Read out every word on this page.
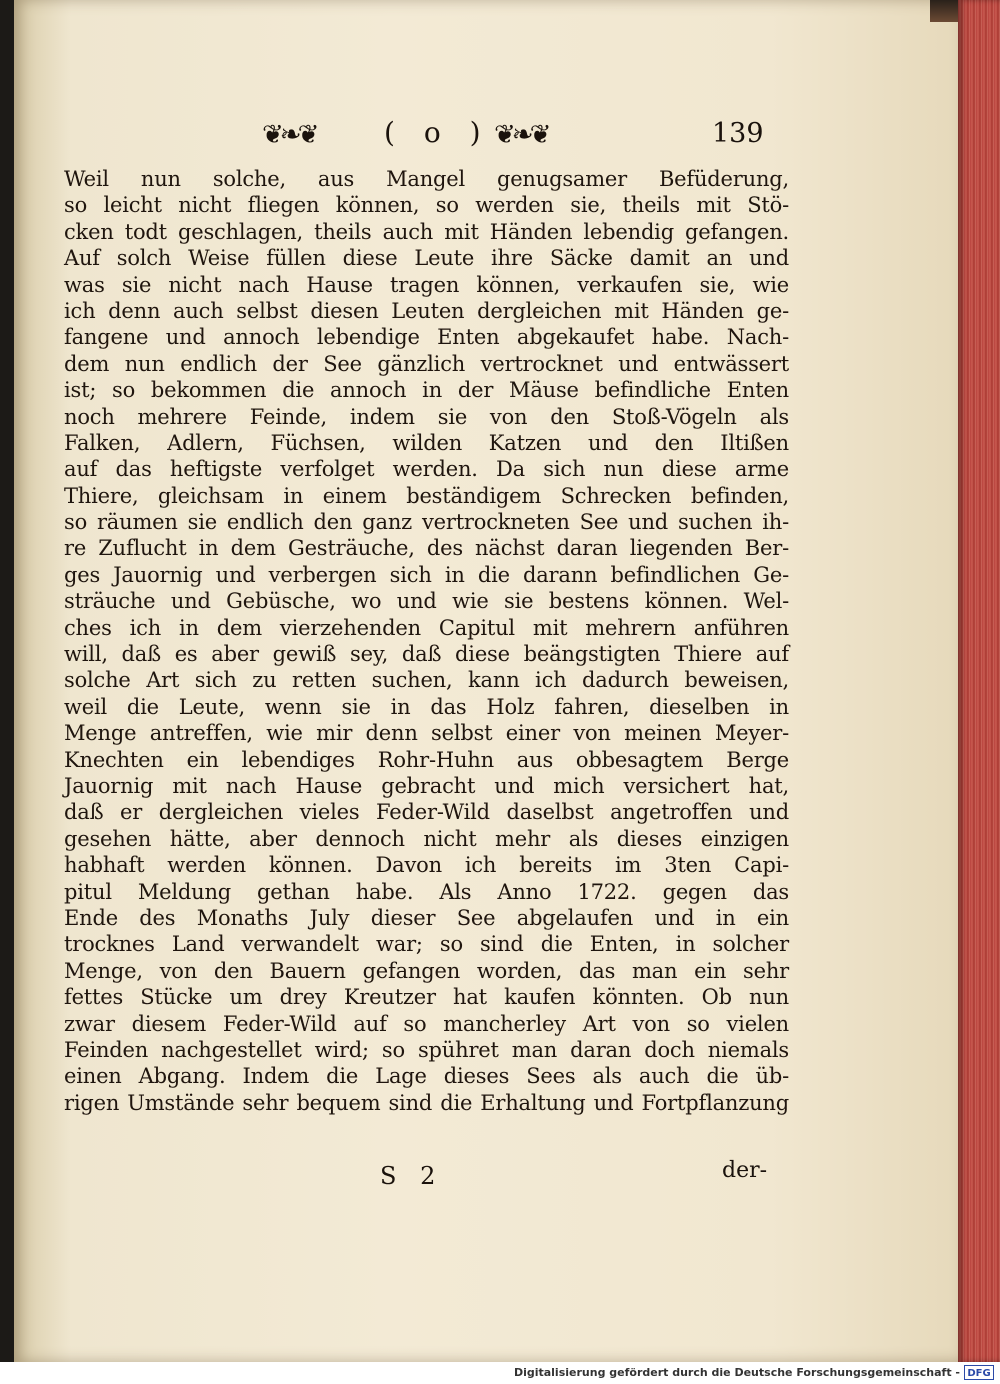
❦❧❦ ( o ) ❦❧❦	139
Weil nun solche, aus Mangel genugsamer Befüderung,
so leicht nicht fliegen können, so werden sie, theils mit Stö-
cken todt geschlagen, theils auch mit Händen lebendig gefangen.
Auf solch Weise füllen diese Leute ihre Säcke damit an und
was sie nicht nach Hause tragen können, verkaufen sie, wie
ich denn auch selbst diesen Leuten dergleichen mit Händen ge-
fangene und annoch lebendige Enten abgekaufet habe. Nach-
dem nun endlich der See gänzlich vertrocknet und entwässert
ist; so bekommen die annoch in der Mäuse befindliche Enten
noch mehrere Feinde, indem sie von den Stoß-Vögeln als
Falken, Adlern, Füchsen, wilden Katzen und den Iltißen
auf das heftigste verfolget werden. Da sich nun diese arme
Thiere, gleichsam in einem beständigem Schrecken befinden,
so räumen sie endlich den ganz vertrockneten See und suchen ih-
re Zuflucht in dem Gesträuche, des nächst daran liegenden Ber-
ges Jauornig und verbergen sich in die darann befindlichen Ge-
sträuche und Gebüsche, wo und wie sie bestens können. Wel-
ches ich in dem vierzehenden Capitul mit mehrern anführen
will, daß es aber gewiß sey, daß diese beängstigten Thiere auf
solche Art sich zu retten suchen, kann ich dadurch beweisen,
weil die Leute, wenn sie in das Holz fahren, dieselben in
Menge antreffen, wie mir denn selbst einer von meinen Meyer-
Knechten ein lebendiges Rohr-Huhn aus obbesagtem Berge
Jauornig mit nach Hause gebracht und mich versichert hat,
daß er dergleichen vieles Feder-Wild daselbst angetroffen und
gesehen hätte, aber dennoch nicht mehr als dieses einzigen
habhaft werden können. Davon ich bereits im 3ten Capi-
pitul Meldung gethan habe. Als Anno 1722. gegen das
Ende des Monaths July dieser See abgelaufen und in ein
trocknes Land verwandelt war; so sind die Enten, in solcher
Menge, von den Bauern gefangen worden, das man ein sehr
fettes Stücke um drey Kreutzer hat kaufen könnten. Ob nun
zwar diesem Feder-Wild auf so mancherley Art von so vielen
Feinden nachgestellet wird; so spühret man daran doch niemals
einen Abgang. Indem die Lage dieses Sees als auch die üb-
rigen Umstände sehr bequem sind die Erhaltung und Fortpflanzung
S 2	der-
Digitalisierung gefördert durch die Deutsche Forschungsgemeinschaft - DFG
